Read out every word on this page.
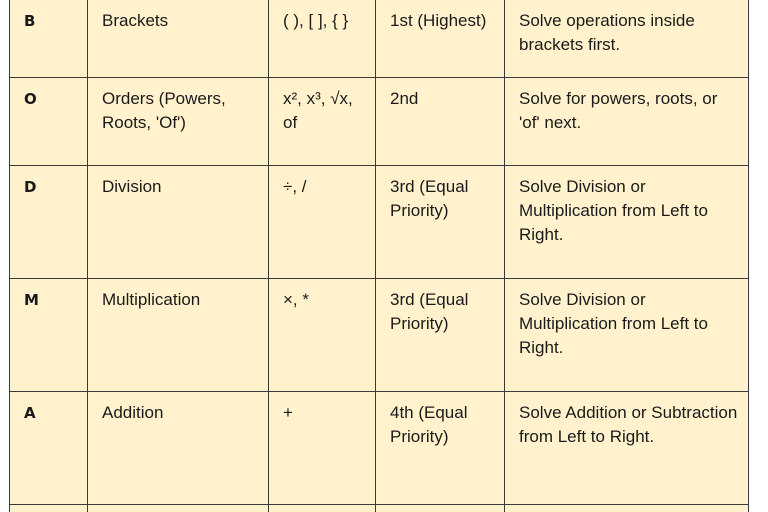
B	Brackets	( ), [ ], { }	1st (Highest)	Solve operations inside brackets first.
O	Orders (Powers, Roots, 'Of')	x², x³, √x, of	2nd	Solve for powers, roots, or 'of' next.
D	Division	÷, /	3rd (Equal Priority)	Solve Division or Multiplication from Left to Right.
M	Multiplication	×, *	3rd (Equal Priority)	Solve Division or Multiplication from Left to Right.
A	Addition	+	4th (Equal Priority)	Solve Addition or Subtraction from Left to Right.
